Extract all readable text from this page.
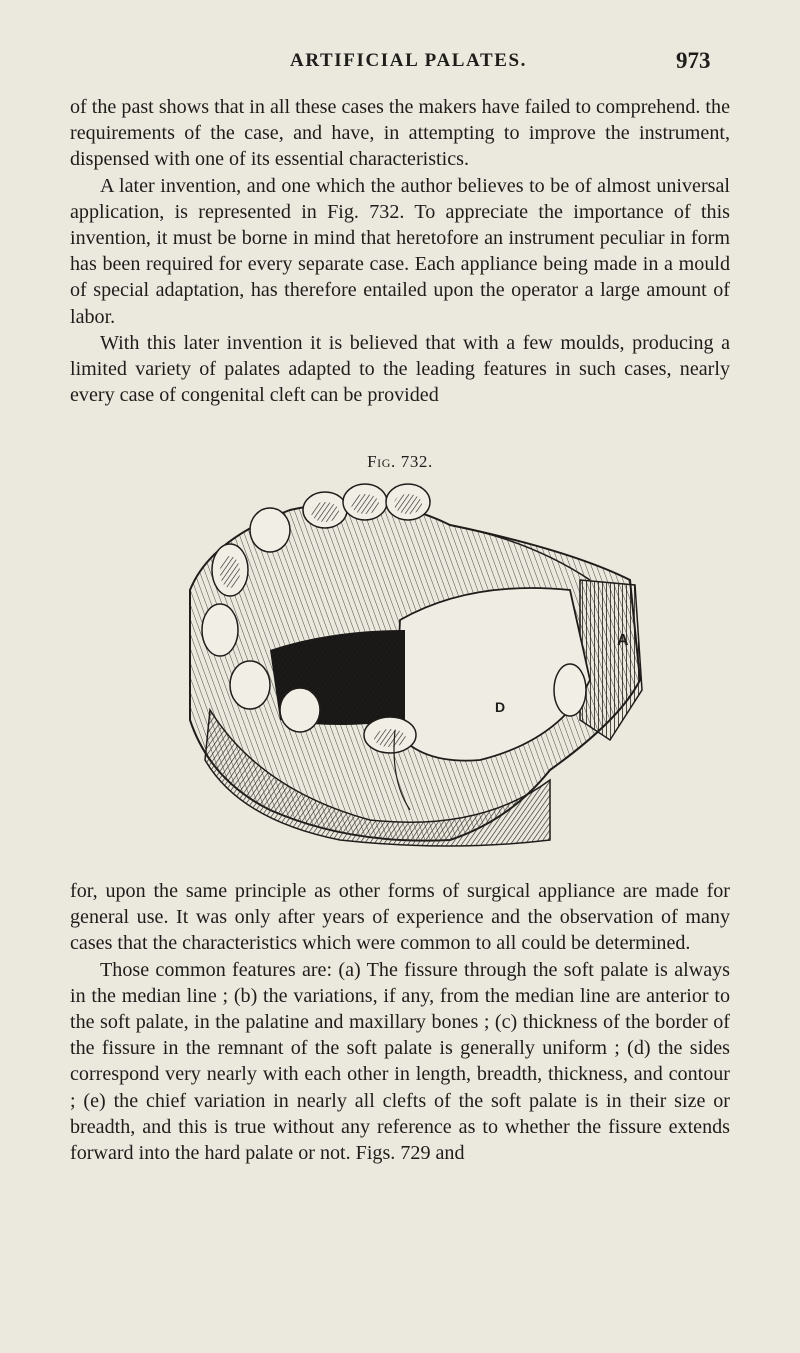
ARTIFICIAL PALATES.	973

of the past shows that in all these cases the makers have failed to comprehend. the requirements of the case, and have, in attempting to improve the instrument, dispensed with one of its essential characteristics.

A later invention, and one which the author believes to be of almost universal application, is represented in Fig. 732. To appreciate the importance of this invention, it must be borne in mind that heretofore an instrument peculiar in form has been required for every separate case. Each appliance being made in a mould of special adaptation, has therefore entailed upon the operator a large amount of labor.

With this later invention it is believed that with a few moulds, producing a limited variety of palates adapted to the leading features in such cases, nearly every case of congenital cleft can be provided

Fig. 732.
A
D

for, upon the same principle as other forms of surgical appliance are made for general use. It was only after years of experience and the observation of many cases that the characteristics which were common to all could be determined.

Those common features are: (a) The fissure through the soft palate is always in the median line ; (b) the variations, if any, from the median line are anterior to the soft palate, in the palatine and maxillary bones ; (c) thickness of the border of the fissure in the remnant of the soft palate is generally uniform ; (d) the sides correspond very nearly with each other in length, breadth, thickness, and contour ; (e) the chief variation in nearly all clefts of the soft palate is in their size or breadth, and this is true without any reference as to whether the fissure extends forward into the hard palate or not. Figs. 729 and
